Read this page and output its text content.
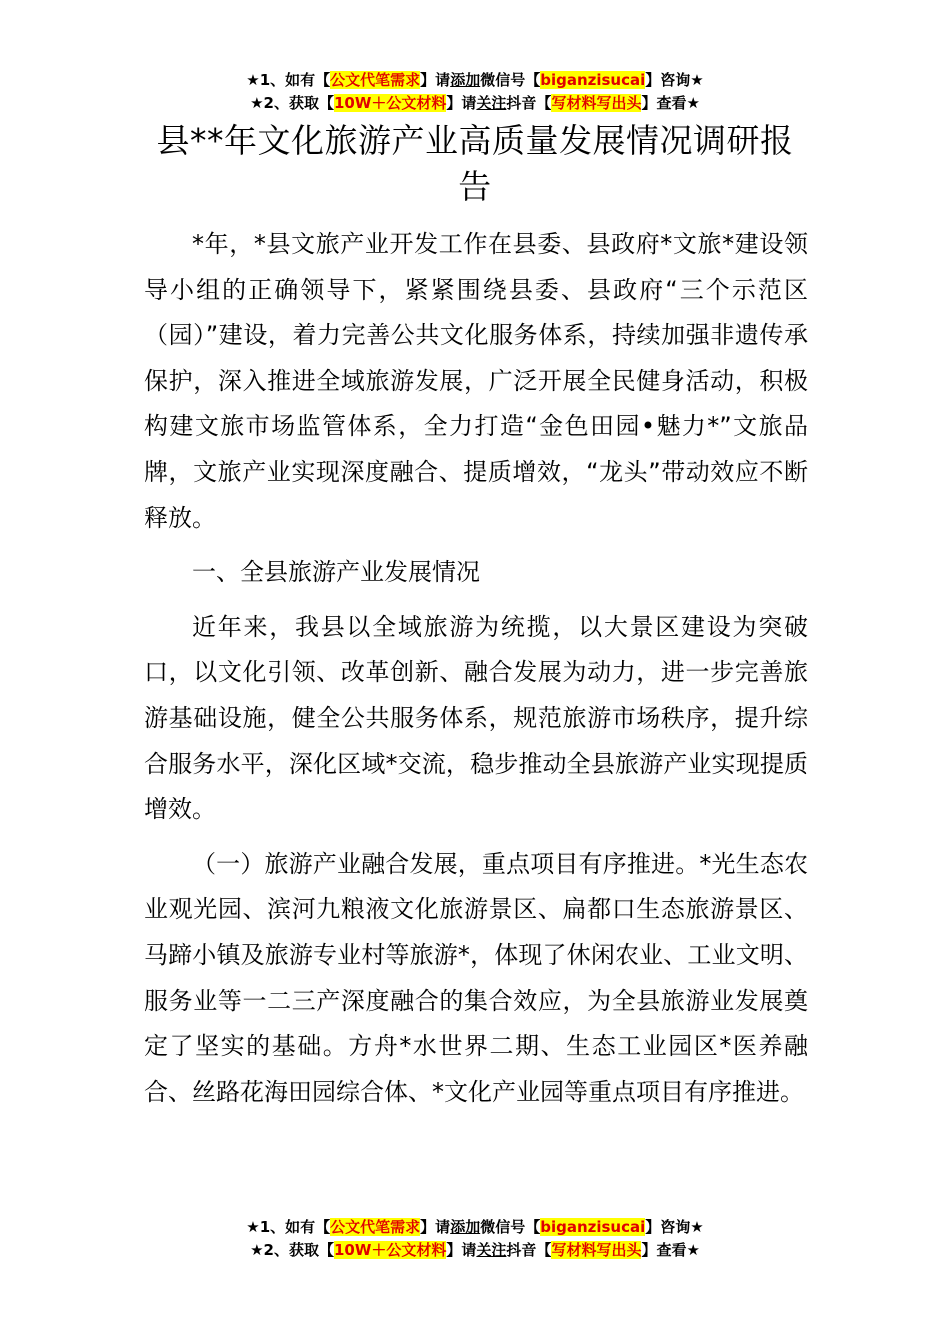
★1、如有【公文代笔需求】请添加微信号【biganzisucai】咨询★
★2、获取【10W＋公文材料】请关注抖音【写材料写出头】查看★
县**年文化旅游产业高质量发展情况调研报告

*年，*县文旅产业开发工作在县委、县政府*文旅*建设领导小组的正确领导下，紧紧围绕县委、县政府“三个示范区（园）”建设，着力完善公共文化服务体系，持续加强非遗传承保护，深入推进全域旅游发展，广泛开展全民健身活动，积极构建文旅市场监管体系，全力打造“金色田园•魅力*”文旅品牌，文旅产业实现深度融合、提质增效，“龙头”带动效应不断释放。

一、全县旅游产业发展情况

近年来，我县以全域旅游为统揽，以大景区建设为突破口，以文化引领、改革创新、融合发展为动力，进一步完善旅游基础设施，健全公共服务体系，规范旅游市场秩序，提升综合服务水平，深化区域*交流，稳步推动全县旅游产业实现提质增效。

（一）旅游产业融合发展，重点项目有序推进。*光生态农业观光园、滨河九粮液文化旅游景区、扁都口生态旅游景区、马蹄小镇及旅游专业村等旅游*，体现了休闲农业、工业文明、服务业等一二三产深度融合的集合效应，为全县旅游业发展奠定了坚实的基础。方舟*水世界二期、生态工业园区*医养融合、丝路花海田园综合体、*文化产业园等重点项目有序推进。

★1、如有【公文代笔需求】请添加微信号【biganzisucai】咨询★
★2、获取【10W＋公文材料】请关注抖音【写材料写出头】查看★
